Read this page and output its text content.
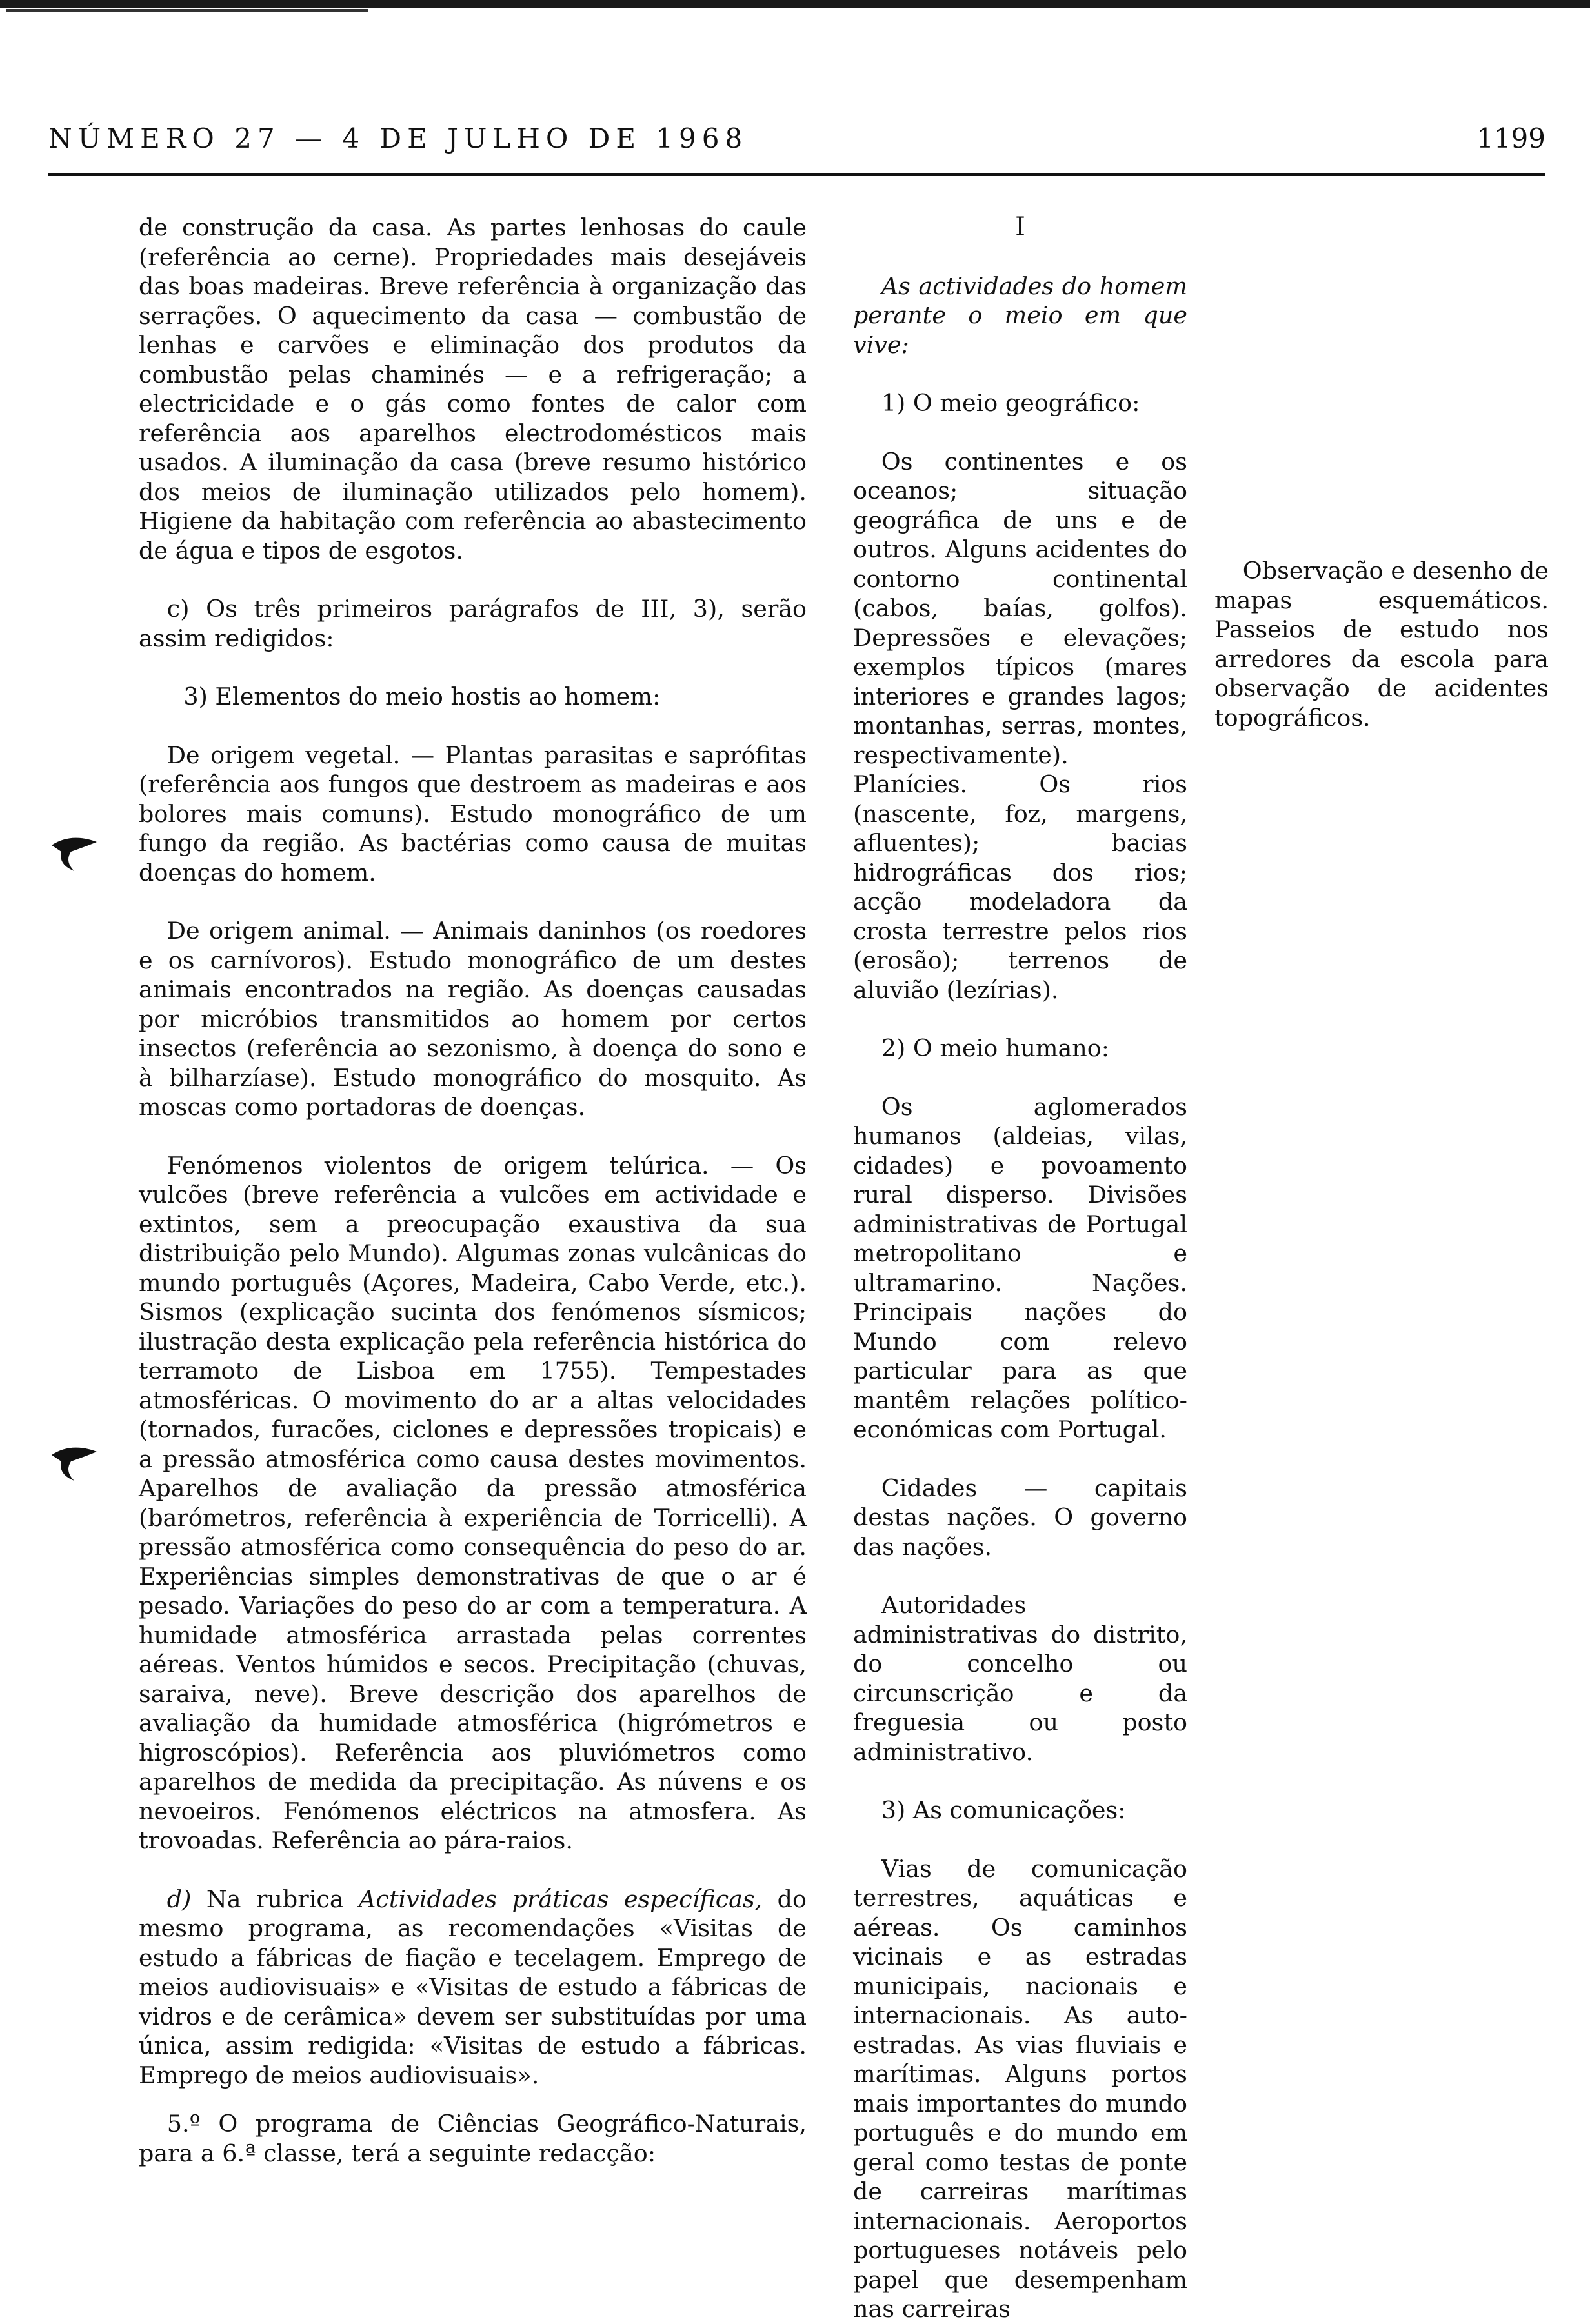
NÚMERO 27 — 4 DE JULHO DE 1968	1199

de construção da casa. As partes lenhosas do caule (referência ao cerne). Propriedades mais desejáveis das boas madeiras. Breve referência à organização das serrações. O aquecimento da casa — combustão de lenhas e carvões e eliminação dos produtos da combustão pelas chaminés — e a refrigeração; a electricidade e o gás como fontes de calor com referência aos aparelhos electrodomésticos mais usados. A iluminação da casa (breve resumo histórico dos meios de iluminação utilizados pelo homem). Higiene da habitação com referência ao abastecimento de água e tipos de esgotos.

c) Os três primeiros parágrafos de III, 3), serão assim redigidos:

3) Elementos do meio hostis ao homem:

De origem vegetal. — Plantas parasitas e saprófitas (referência aos fungos que destroem as madeiras e aos bolores mais comuns). Estudo monográfico de um fungo da região. As bactérias como causa de muitas doenças do homem.

De origem animal. — Animais daninhos (os roedores e os carnívoros). Estudo monográfico de um destes animais encontrados na região. As doenças causadas por micróbios transmitidos ao homem por certos insectos (referência ao sezonismo, à doença do sono e à bilharzíase). Estudo monográfico do mosquito. As moscas como portadoras de doenças.

Fenómenos violentos de origem telúrica. — Os vulcões (breve referência a vulcões em actividade e extintos, sem a preocupação exaustiva da sua distribuição pelo Mundo). Algumas zonas vulcânicas do mundo português (Açores, Madeira, Cabo Verde, etc.). Sismos (explicação sucinta dos fenómenos sísmicos; ilustração desta explicação pela referência histórica do terramoto de Lisboa em 1755). Tempestades atmosféricas. O movimento do ar a altas velocidades (tornados, furacões, ciclones e depressões tropicais) e a pressão atmosférica como causa destes movimentos. Aparelhos de avaliação da pressão atmosférica (barómetros, referência à experiência de Torricelli). A pressão atmosférica como consequência do peso do ar. Experiências simples demonstrativas de que o ar é pesado. Variações do peso do ar com a temperatura. A humidade atmosférica arrastada pelas correntes aéreas. Ventos húmidos e secos. Precipitação (chuvas, saraiva, neve). Breve descrição dos aparelhos de avaliação da humidade atmosférica (higrómetros e higroscópios). Referência aos pluviómetros como aparelhos de medida da precipitação. As núvens e os nevoeiros. Fenómenos eléctricos na atmosfera. As trovoadas. Referência ao pára-raios.

d) Na rubrica Actividades práticas específicas, do mesmo programa, as recomendações «Visitas de estudo a fábricas de fiação e tecelagem. Emprego de meios audiovisuais» e «Visitas de estudo a fábricas de vidros e de cerâmica» devem ser substituídas por uma única, assim redigida: «Visitas de estudo a fábricas. Emprego de meios audiovisuais».

5.º O programa de Ciências Geográfico-Naturais, para a 6.ª classe, terá a seguinte redacção:

I

As actividades do homem perante o meio em que vive:

1) O meio geográfico:

Os continentes e os oceanos; situação geográfica de uns e de outros. Alguns acidentes do contorno continental (cabos, baías, golfos). Depressões e elevações; exemplos típicos (mares interiores e grandes lagos; montanhas, serras, montes, respectivamente). Planícies. Os rios (nascente, foz, margens, afluentes); bacias hidrográficas dos rios; acção modeladora da crosta terrestre pelos rios (erosão); terrenos de aluvião (lezírias).

2) O meio humano:

Os aglomerados humanos (aldeias, vilas, cidades) e povoamento rural disperso. Divisões administrativas de Portugal metropolitano e ultramarino. Nações. Principais nações do Mundo com relevo particular para as que mantêm relações político-económicas com Portugal.

Cidades — capitais destas nações. O governo das nações.

Autoridades administrativas do distrito, do concelho ou circunscrição e da freguesia ou posto administrativo.

3) As comunicações:

Vias de comunicação terrestres, aquáticas e aéreas. Os caminhos vicinais e as estradas municipais, nacionais e internacionais. As auto-estradas. As vias fluviais e marítimas. Alguns portos mais importantes do mundo português e do mundo em geral como testas de ponte de carreiras marítimas internacionais. Aeroportos portugueses notáveis pelo papel que desempenham nas carreiras

Observação e desenho de mapas esquemáticos. Passeios de estudo nos arredores da escola para observação de acidentes topográficos.
